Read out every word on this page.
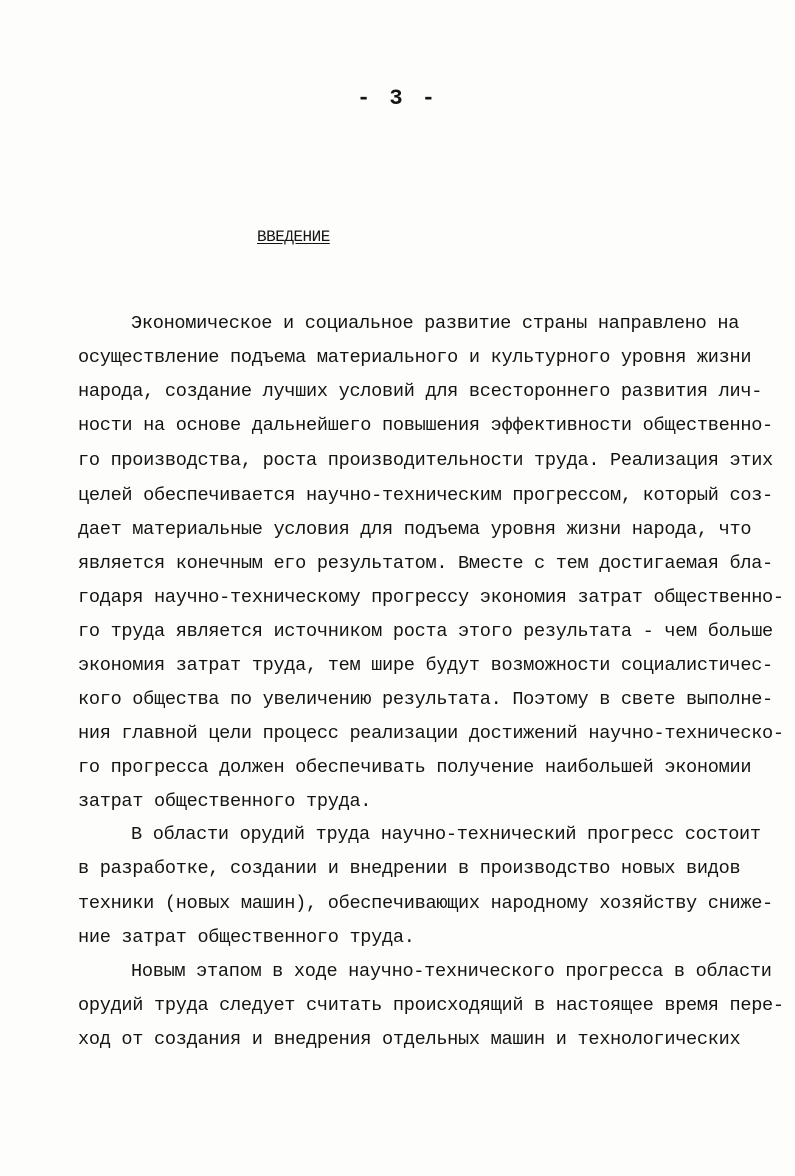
- 3 -
ВВЕДЕНИЕ
Экономическое и социальное развитие страны направлено на
осуществление подъема материального и культурного уровня жизни
народа, создание лучших условий для всестороннего развития лич-
ности на основе дальнейшего повышения эффективности общественно-
го производства, роста производительности труда. Реализация этих
целей обеспечивается научно-техническим прогрессом, который соз-
дает материальные условия для подъема уровня жизни народа, что
является конечным его результатом. Вместе с тем достигаемая бла-
годаря научно-техническому прогрессу экономия затрат общественно-
го труда является источником роста этого результата - чем больше
экономия затрат труда, тем шире будут возможности социалистичес-
кого общества по увеличению результата. Поэтому в свете выполне-
ния главной цели процесс реализации достижений научно-техническо-
го прогресса должен обеспечивать получение наибольшей экономии
затрат общественного труда.
В области орудий труда научно-технический прогресс состоит
в разработке, создании и внедрении в производство новых видов
техники (новых машин), обеспечивающих народному хозяйству сниже-
ние затрат общественного труда.
Новым этапом в ходе научно-технического прогресса в области
орудий труда следует считать происходящий в настоящее время пере-
ход от создания и внедрения отдельных машин и технологических
